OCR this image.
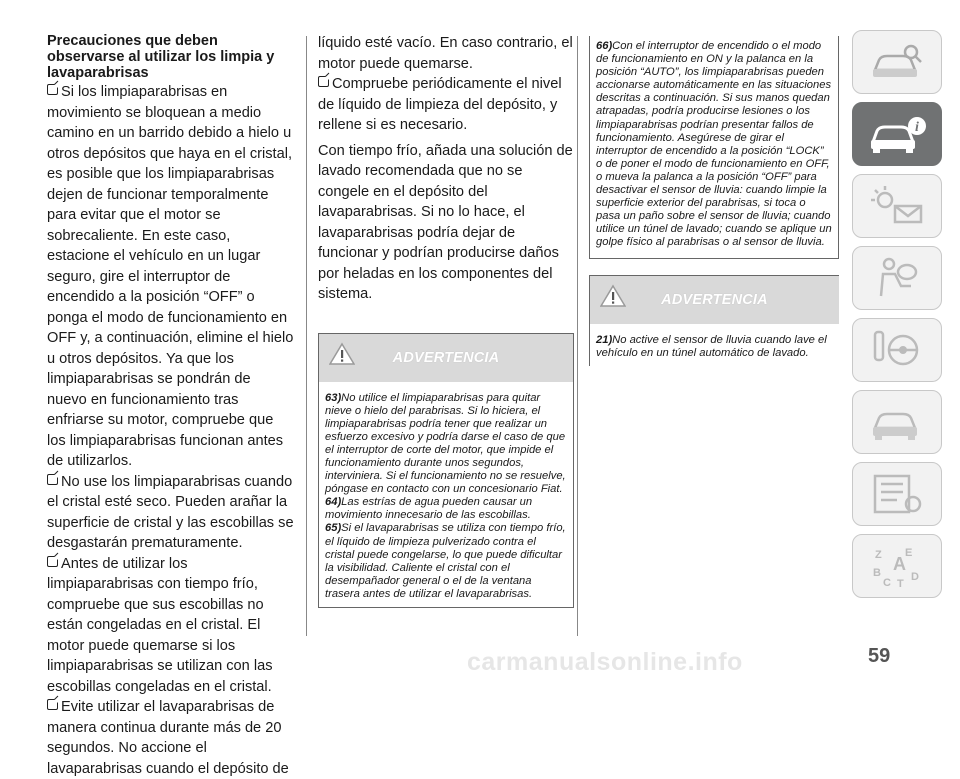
Precauciones que deben observarse al utilizar los limpia y lavaparabrisas

Si los limpiaparabrisas en movimiento se bloquean a medio camino en un barrido debido a hielo u otros depósitos que haya en el cristal, es posible que los limpiaparabrisas dejen de funcionar temporalmente para evitar que el motor se sobrecaliente. En este caso, estacione el vehículo en un lugar seguro, gire el interruptor de encendido a la posición “OFF” o ponga el modo de funcionamiento en OFF y, a continuación, elimine el hielo u otros depósitos. Ya que los limpiaparabrisas se pondrán de nuevo en funcionamiento tras enfriarse su motor, compruebe que los limpiaparabrisas funcionan antes de utilizarlos.

No use los limpiaparabrisas cuando el cristal esté seco. Pueden arañar la superficie de cristal y las escobillas se desgastarán prematuramente.

Antes de utilizar los limpiaparabrisas con tiempo frío, compruebe que sus escobillas no están congeladas en el cristal. El motor puede quemarse si los limpiaparabrisas se utilizan con las escobillas congeladas en el cristal.

Evite utilizar el lavaparabrisas de manera continua durante más de 20 segundos. No accione el lavaparabrisas cuando el depósito de

líquido esté vacío. En caso contrario, el motor puede quemarse.

Compruebe periódicamente el nivel de líquido de limpieza del depósito, y rellene si es necesario.

Con tiempo frío, añada una solución de lavado recomendada que no se congele en el depósito del lavaparabrisas. Si no lo hace, el lavaparabrisas podría dejar de funcionar y podrían producirse daños por heladas en los componentes del sistema.

ADVERTENCIA

63)No utilice el limpiaparabrisas para quitar nieve o hielo del parabrisas. Si lo hiciera, el limpiaparabrisas podría tener que realizar un esfuerzo excesivo y podría darse el caso de que el interruptor de corte del motor, que impide el funcionamiento durante unos segundos, interviniera. Si el funcionamiento no se resuelve, póngase en contacto con un concesionario Fiat.

64)Las estrías de agua pueden causar un movimiento innecesario de las escobillas.

65)Si el lavaparabrisas se utiliza con tiempo frío, el líquido de limpieza pulverizado contra el cristal puede congelarse, lo que puede dificultar la visibilidad. Caliente el cristal con el desempañador general o el de la ventana trasera antes de utilizar el lavaparabrisas.

66)Con el interruptor de encendido o el modo de funcionamiento en ON y la palanca en la posición “AUTO”, los limpiaparabrisas pueden accionarse automáticamente en las situaciones descritas a continuación. Si sus manos quedan atrapadas, podría producirse lesiones o los limpiaparabrisas podrían presentar fallos de funcionamiento. Asegúrese de girar el interruptor de encendido a la posición “LOCK” o de poner el modo de funcionamiento en OFF, o mueva la palanca a la posición “OFF” para desactivar el sensor de lluvia: cuando limpie la superficie exterior del parabrisas, si toca o pasa un paño sobre el sensor de lluvia; cuando utilice un túnel de lavado; cuando se aplique un golpe físico al parabrisas o al sensor de lluvia.

ADVERTENCIA

21)No active el sensor de lluvia cuando lave el vehículo en un túnel automático de lavado.

i
Z E
A
B
C D
T
carmanualsonline.info	59
